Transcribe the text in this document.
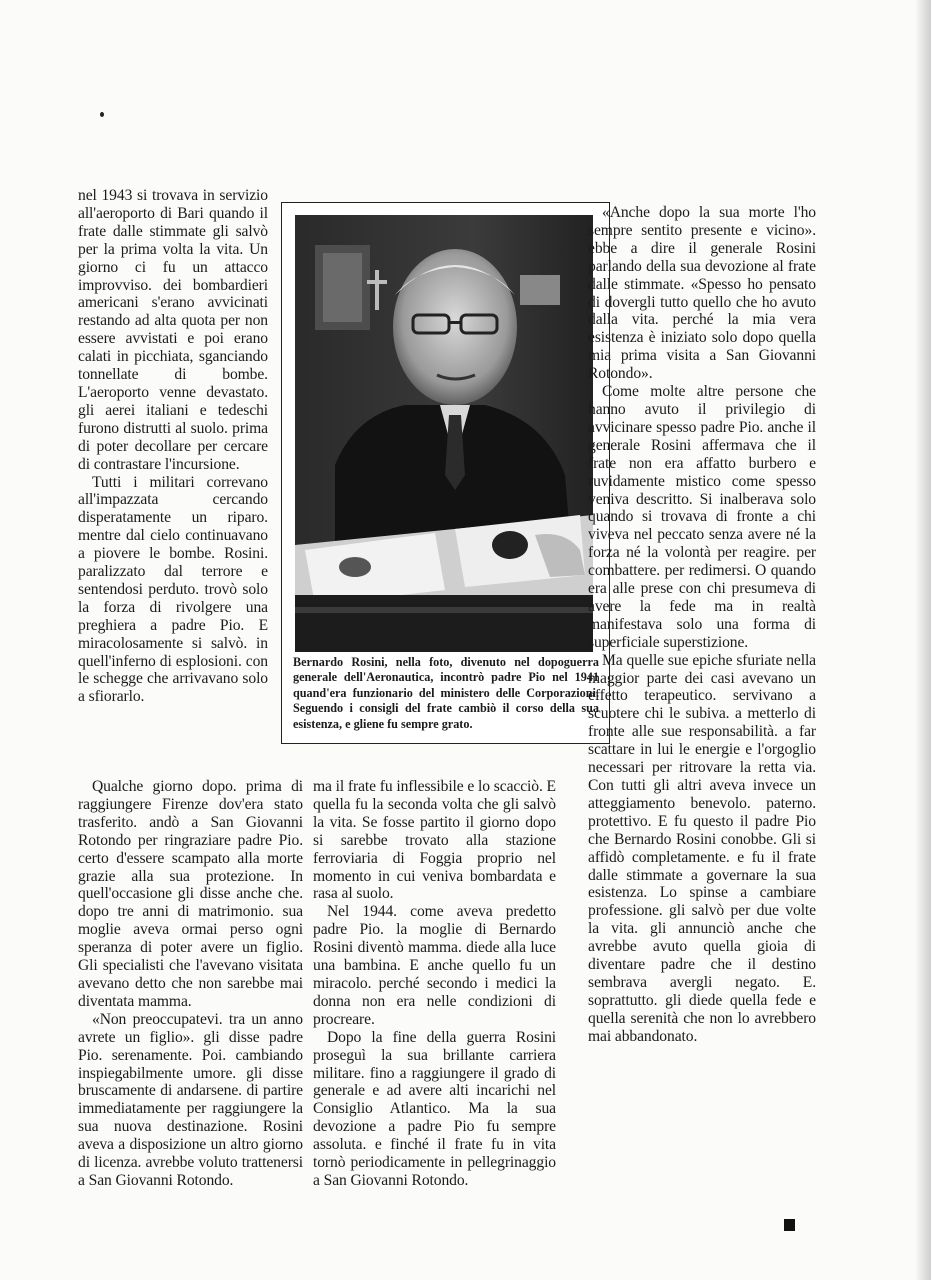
nel 1943 si trovava in servizio all'aeroporto di Bari quando il frate dalle stimmate gli salvò per la prima volta la vita. Un giorno ci fu un attacco improvviso. dei bombardieri americani s'erano avvicinati restando ad alta quota per non essere avvistati e poi erano calati in picchiata, sganciando tonnellate di bombe. L'aeroporto venne devastato. gli aerei italiani e tedeschi furono distrutti al suolo. prima di poter decollare per cercare di contrastare l'incursione.

Tutti i militari correvano all'impazzata cercando disperatamente un riparo. mentre dal cielo continuavano a piovere le bombe. Rosini. paralizzato dal terrore e sentendosi perduto. trovò solo la forza di rivolgere una preghiera a padre Pio. E miracolosamente si salvò. in quell'inferno di esplosioni. con le schegge che arrivavano solo a sfiorarlo.

Bernardo Rosini, nella foto, divenuto nel dopoguerra generale dell'Aeronautica, incontrò padre Pio nel 1941 quand'era funzionario del ministero delle Corporazioni. Seguendo i consigli del frate cambiò il corso della sua esistenza, e gliene fu sempre grato.

Qualche giorno dopo. prima di raggiungere Firenze dov'era stato trasferito. andò a San Giovanni Rotondo per ringraziare padre Pio. certo d'essere scampato alla morte grazie alla sua protezione. In quell'occasione gli disse anche che. dopo tre anni di matrimonio. sua moglie aveva ormai perso ogni speranza di poter avere un figlio. Gli specialisti che l'avevano visitata avevano detto che non sarebbe mai diventata mamma.

«Non preoccupatevi. tra un anno avrete un figlio». gli disse padre Pio. serenamente. Poi. cambiando inspiegabilmente umore. gli disse bruscamente di andarsene. di partire immediatamente per raggiungere la sua nuova destinazione. Rosini aveva a disposizione un altro giorno di licenza. avrebbe voluto trattenersi a San Giovanni Rotondo.

ma il frate fu inflessibile e lo scacciò. E quella fu la seconda volta che gli salvò la vita. Se fosse partito il giorno dopo si sarebbe trovato alla stazione ferroviaria di Foggia proprio nel momento in cui veniva bombardata e rasa al suolo.

Nel 1944. come aveva predetto padre Pio. la moglie di Bernardo Rosini diventò mamma. diede alla luce una bambina. E anche quello fu un miracolo. perché secondo i medici la donna non era nelle condizioni di procreare.

Dopo la fine della guerra Rosini proseguì la sua brillante carriera militare. fino a raggiungere il grado di generale e ad avere alti incarichi nel Consiglio Atlantico. Ma la sua devozione a padre Pio fu sempre assoluta. e finché il frate fu in vita tornò periodicamente in pellegrinaggio a San Giovanni Rotondo.

«Anche dopo la sua morte l'ho sempre sentito presente e vicino». ebbe a dire il generale Rosini parlando della sua devozione al frate dalle stimmate. «Spesso ho pensato di dovergli tutto quello che ho avuto dalla vita. perché la mia vera esistenza è iniziato solo dopo quella mia prima visita a San Giovanni Rotondo».

Come molte altre persone che hanno avuto il privilegio di avvicinare spesso padre Pio. anche il generale Rosini affermava che il frate non era affatto burbero e ruvidamente mistico come spesso veniva descritto. Si inalberava solo quando si trovava di fronte a chi viveva nel peccato senza avere né la forza né la volontà per reagire. per combattere. per redimersi. O quando era alle prese con chi presumeva di avere la fede ma in realtà manifestava solo una forma di superficiale superstizione.

Ma quelle sue epiche sfuriate nella maggior parte dei casi avevano un effetto terapeutico. servivano a scuotere chi le subiva. a metterlo di fronte alle sue responsabilità. a far scattare in lui le energie e l'orgoglio necessari per ritrovare la retta via. Con tutti gli altri aveva invece un atteggiamento benevolo. paterno. protettivo. E fu questo il padre Pio che Bernardo Rosini conobbe. Gli si affidò completamente. e fu il frate dalle stimmate a governare la sua esistenza. Lo spinse a cambiare professione. gli salvò per due volte la vita. gli annunciò anche che avrebbe avuto quella gioia di diventare padre che il destino sembrava avergli negato. E. soprattutto. gli diede quella fede e quella serenità che non lo avrebbero mai abbandonato.
